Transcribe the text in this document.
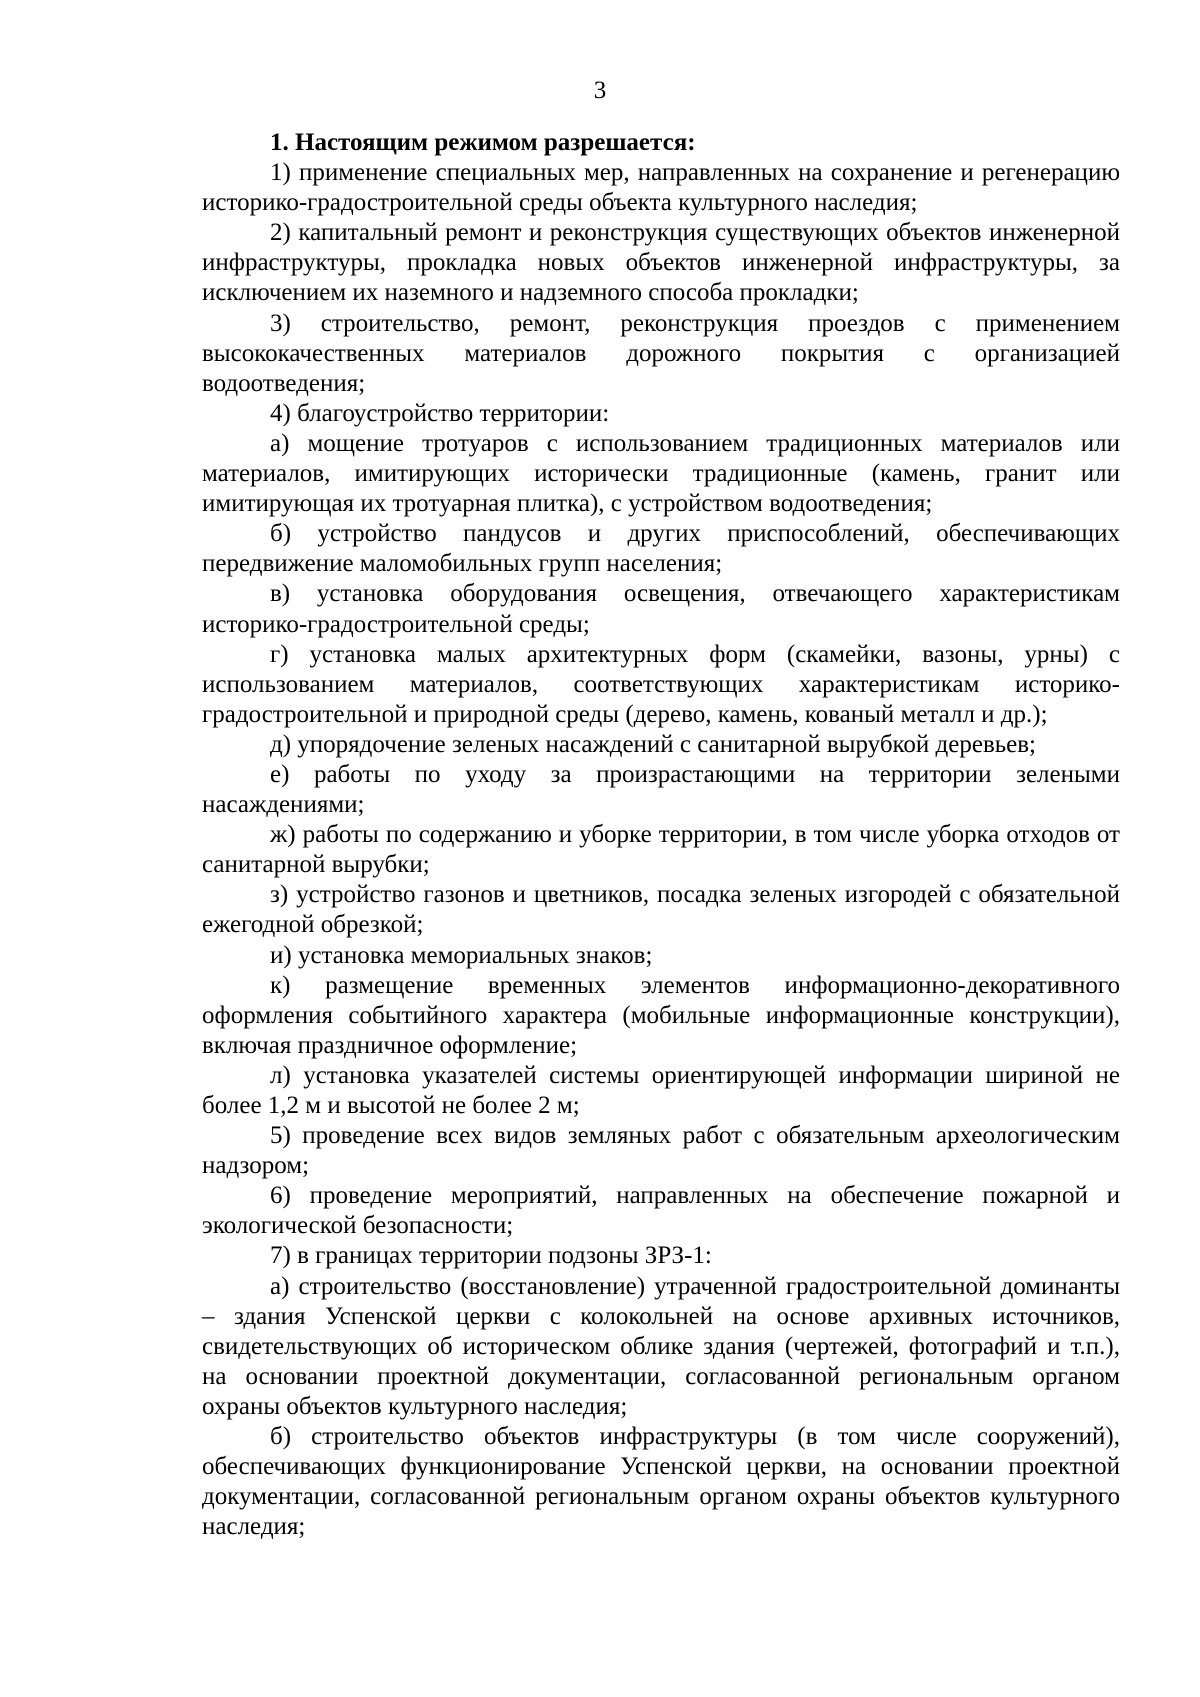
3

1. Настоящим режимом разрешается:

1) применение специальных мер, направленных на сохранение и регенерацию историко-градостроительной среды объекта культурного наследия;

2) капитальный ремонт и реконструкция существующих объектов инженерной инфраструктуры, прокладка новых объектов инженерной инфраструктуры, за исключением их наземного и надземного способа прокладки;

3) строительство, ремонт, реконструкция проездов с применением высококачественных материалов дорожного покрытия с организацией водоотведения;

4) благоустройство территории:

а) мощение тротуаров с использованием традиционных материалов или материалов, имитирующих исторически традиционные (камень, гранит или имитирующая их тротуарная плитка), с устройством водоотведения;

б) устройство пандусов и других приспособлений, обеспечивающих передвижение маломобильных групп населения;

в) установка оборудования освещения, отвечающего характеристикам историко-градостроительной среды;

г) установка малых архитектурных форм (скамейки, вазоны, урны) с использованием материалов, соответствующих характеристикам историко-градостроительной и природной среды (дерево, камень, кованый металл и др.);

д) упорядочение зеленых насаждений с санитарной вырубкой деревьев;

е) работы по уходу за произрастающими на территории зелеными насаждениями;

ж) работы по содержанию и уборке территории, в том числе уборка отходов от санитарной вырубки;

з) устройство газонов и цветников, посадка зеленых изгородей с обязательной ежегодной обрезкой;

и) установка мемориальных знаков;

к) размещение временных элементов информационно-декоративного оформления событийного характера (мобильные информационные конструкции), включая праздничное оформление;

л) установка указателей системы ориентирующей информации шириной не более 1,2 м и высотой не более 2 м;

5) проведение всех видов земляных работ с обязательным археологическим надзором;

6) проведение мероприятий, направленных на обеспечение пожарной и экологической безопасности;

7) в границах территории подзоны ЗРЗ-1:

а) строительство (восстановление) утраченной градостроительной доминанты – здания Успенской церкви с колокольней на основе архивных источников, свидетельствующих об историческом облике здания (чертежей, фотографий и т.п.), на основании проектной документации, согласованной региональным органом охраны объектов культурного наследия;

б) строительство объектов инфраструктуры (в том числе сооружений), обеспечивающих функционирование Успенской церкви, на основании проектной документации, согласованной региональным органом охраны объектов культурного наследия;
